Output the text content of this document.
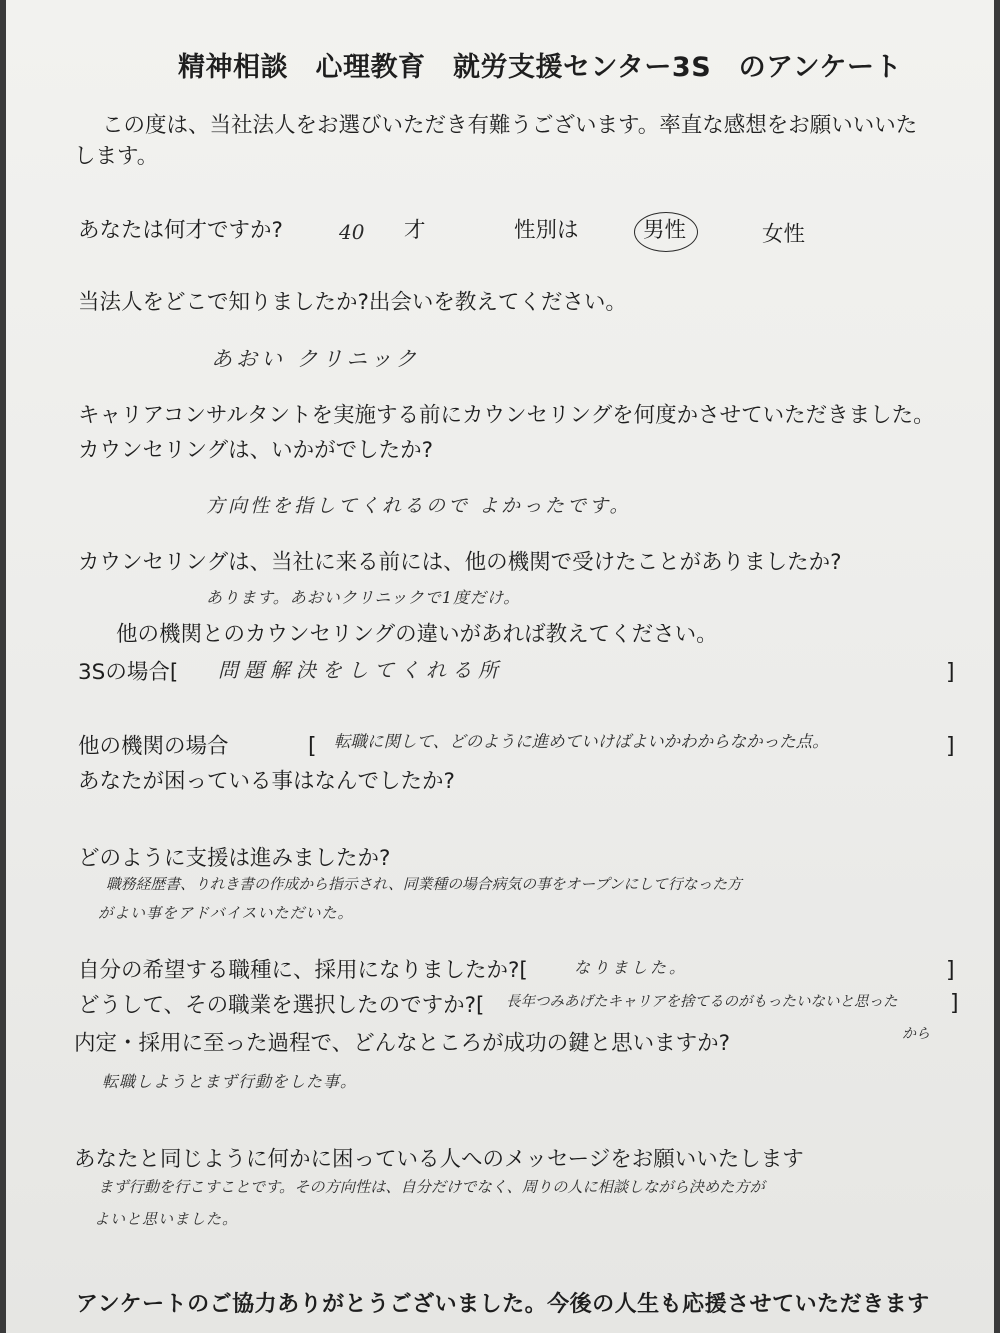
精神相談　心理教育　就労支援センター3S　のアンケート
この度は、当社法人をお選びいただき有難うございます。率直な感想をお願いいいた
します。
あなたは何才ですか?	40 才	性別は	男性	女性
当法人をどこで知りましたか?出会いを教えてください。
あおい クリニック
キャリアコンサルタントを実施する前にカウンセリングを何度かさせていただきました。
カウンセリングは、いかがでしたか?
方向性を指してくれるので よかったです。
カウンセリングは、当社に来る前には、他の機関で受けたことがありましたか?
あります。あおいクリニックで1度だけ。
他の機関とのカウンセリングの違いがあれば教えてください。
3Sの場合[ 問題解決をしてくれる所	]
他の機関の場合	[ 転職に関して、どのように進めていけばよいかわからなかった点。	]
あなたが困っている事はなんでしたか?
どのように支援は進みましたか?
職務経歴書、りれき書の作成から指示され、同業種の場合病気の事をオープンにして行なった方
がよい事をアドバイスいただいた。
自分の希望する職種に、採用になりましたか?[	なりました。	]
どうして、その職業を選択したのですか?[ 長年つみあげたキャリアを捨てるのがもったいないと思った ]
から
内定・採用に至った過程で、どんなところが成功の鍵と思いますか?
転職しようとまず行動をした事。
あなたと同じように何かに困っている人へのメッセージをお願いいたします
まず行動を行こすことです。その方向性は、自分だけでなく、周りの人に相談しながら決めた方が
よいと思いました。
アンケートのご協力ありがとうございました。今後の人生も応援させていただきます
